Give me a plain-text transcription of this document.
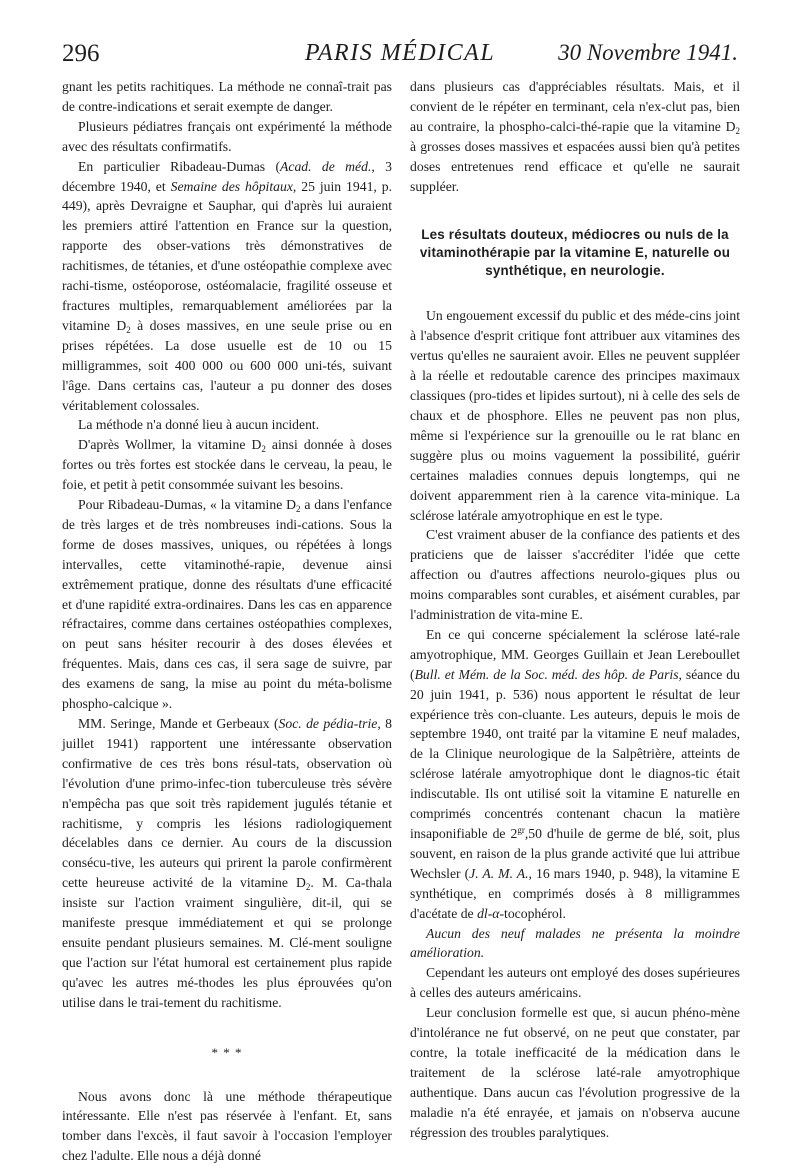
296	PARIS MÉDICAL	30 Novembre 1941.

gnant les petits rachitiques. La méthode ne connaî-trait pas de contre-indications et serait exempte de danger.

Plusieurs pédiatres français ont expérimenté la méthode avec des résultats confirmatifs.

En particulier Ribadeau-Dumas (Acad. de méd., 3 décembre 1940, et Semaine des hôpitaux, 25 juin 1941, p. 449), après Devraigne et Sauphar, qui d'après lui auraient les premiers attiré l'attention en France sur la question, rapporte des obser-vations très démonstratives de rachitismes, de tétanies, et d'une ostéopathie complexe avec rachi-tisme, ostéoporose, ostéomalacie, fragilité osseuse et fractures multiples, remarquablement améliorées par la vitamine $D_2$ à doses massives, en une seule prise ou en prises répétées. La dose usuelle est de 10 ou 15 milligrammes, soit 400 000 ou 600 000 uni-tés, suivant l'âge. Dans certains cas, l'auteur a pu donner des doses véritablement colossales.

La méthode n'a donné lieu à aucun incident.

D'après Wollmer, la vitamine $D_2$ ainsi donnée à doses fortes ou très fortes est stockée dans le cerveau, la peau, le foie, et petit à petit consommée suivant les besoins.

Pour Ribadeau-Dumas, « la vitamine $D_2$ a dans l'enfance de très larges et de très nombreuses indi-cations. Sous la forme de doses massives, uniques, ou répétées à longs intervalles, cette vitaminothé-rapie, devenue ainsi extrêmement pratique, donne des résultats d'une efficacité et d'une rapidité extra-ordinaires. Dans les cas en apparence réfractaires, comme dans certaines ostéopathies complexes, on peut sans hésiter recourir à des doses élevées et fréquentes. Mais, dans ces cas, il sera sage de suivre, par des examens de sang, la mise au point du méta-bolisme phospho-calcique ».

MM. Seringe, Mande et Gerbeaux (Soc. de pédia-trie, 8 juillet 1941) rapportent une intéressante observation confirmative de ces très bons résul-tats, observation où l'évolution d'une primo-infec-tion tuberculeuse très sévère n'empêcha pas que soit très rapidement jugulés tétanie et rachitisme, y compris les lésions radiologiquement décelables dans ce dernier. Au cours de la discussion consécu-tive, les auteurs qui prirent la parole confirmèrent cette heureuse activité de la vitamine $D_2$. M. Ca-thala insiste sur l'action vraiment singulière, dit-il, qui se manifeste presque immédiatement et qui se prolonge ensuite pendant plusieurs semaines. M. Clé-ment souligne que l'action sur l'état humoral est certainement plus rapide qu'avec les autres mé-thodes les plus éprouvées qu'on utilise dans le trai-tement du rachitisme.

* * *

Nous avons donc là une méthode thérapeutique intéressante. Elle n'est pas réservée à l'enfant. Et, sans tomber dans l'excès, il faut savoir à l'occasion l'employer chez l'adulte. Elle nous a déjà donné

dans plusieurs cas d'appréciables résultats. Mais, et il convient de le répéter en terminant, cela n'ex-clut pas, bien au contraire, la phospho-calci-thé-rapie que la vitamine $D_2$ à grosses doses massives et espacées aussi bien qu'à petites doses entretenues rend efficace et qu'elle ne saurait suppléer.

Les résultats douteux, médiocres ou nuls de la vitaminothérapie par la vitamine E, naturelle ou synthétique, en neurologie.

Un engouement excessif du public et des méde-cins joint à l'absence d'esprit critique font attribuer aux vitamines des vertus qu'elles ne sauraient avoir. Elles ne peuvent suppléer à la réelle et redoutable carence des principes maximaux classiques (pro-tides et lipides surtout), ni à celle des sels de chaux et de phosphore. Elles ne peuvent pas non plus, même si l'expérience sur la grenouille ou le rat blanc en suggère plus ou moins vaguement la possibilité, guérir certaines maladies connues depuis longtemps, qui ne doivent apparemment rien à la carence vita-minique. La sclérose latérale amyotrophique en est le type.

C'est vraiment abuser de la confiance des patients et des praticiens que de laisser s'accréditer l'idée que cette affection ou d'autres affections neurolo-giques plus ou moins comparables sont curables, et aisément curables, par l'administration de vita-mine E.

En ce qui concerne spécialement la sclérose laté-rale amyotrophique, MM. Georges Guillain et Jean Lereboullet (Bull. et Mém. de la Soc. méd. des hôp. de Paris, séance du 20 juin 1941, p. 536) nous apportent le résultat de leur expérience très con-cluante. Les auteurs, depuis le mois de septembre 1940, ont traité par la vitamine E neuf malades, de la Clinique neurologique de la Salpêtrière, atteints de sclérose latérale amyotrophique dont le diagnos-tic était indiscutable. Ils ont utilisé soit la vitamine E naturelle en comprimés concentrés contenant chacun la matière insaponifiable de $2^{gr},50$ d'huile de germe de blé, soit, plus souvent, en raison de la plus grande activité que lui attribue Wechsler (J. A. M. A., 16 mars 1940, p. 948), la vitamine E synthétique, en comprimés dosés à 8 milligrammes d'acétate de dl-α-tocophérol.

Aucun des neuf malades ne présenta la moindre amélioration.

Cependant les auteurs ont employé des doses supérieures à celles des auteurs américains.

Leur conclusion formelle est que, si aucun phéno-mène d'intolérance ne fut observé, on ne peut que constater, par contre, la totale inefficacité de la médication dans le traitement de la sclérose laté-rale amyotrophique authentique. Dans aucun cas l'évolution progressive de la maladie n'a été enrayée, et jamais on n'observa aucune régression des troubles paralytiques.
